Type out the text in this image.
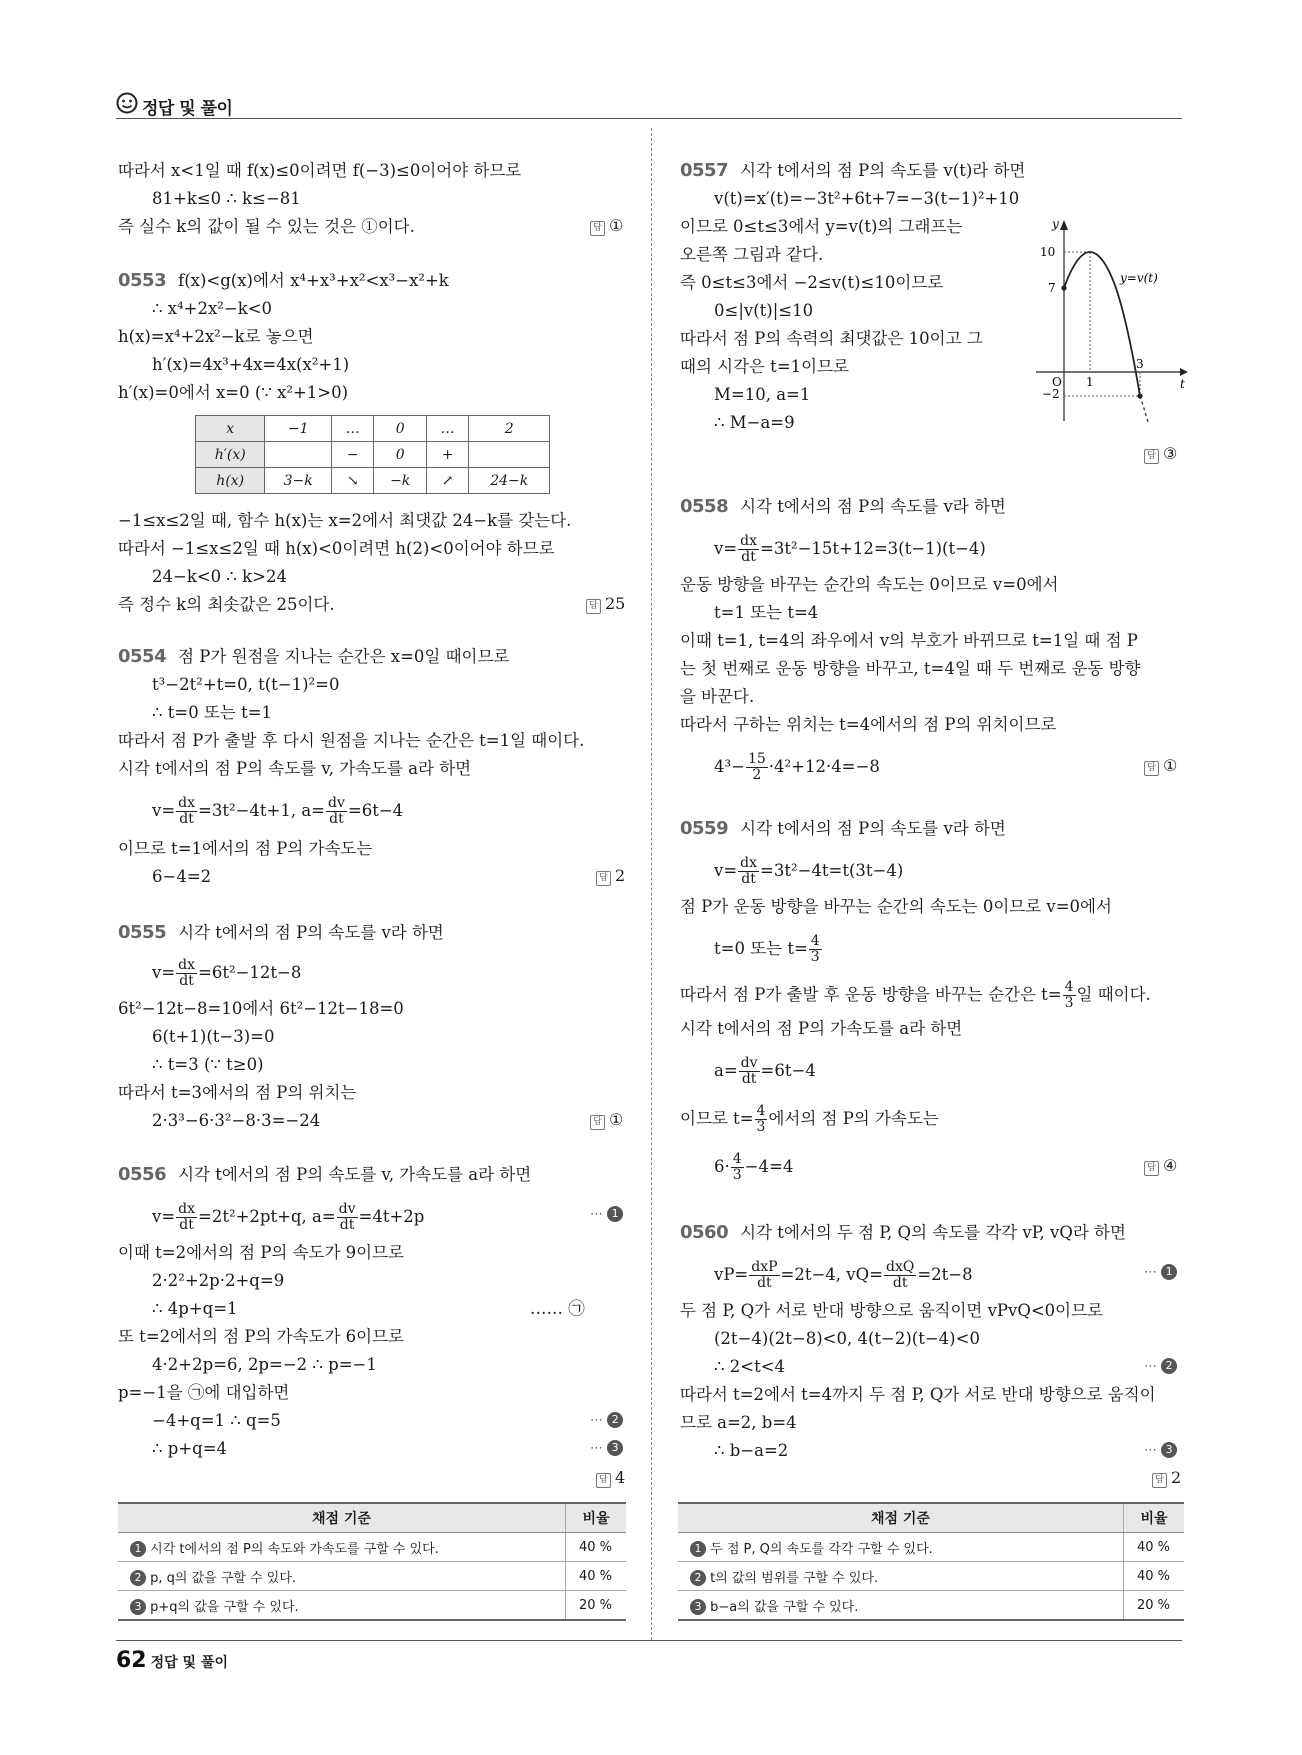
정답 및 풀이
따라서 x<1일 때 f(x)≤0이려면 f(−3)≤0이어야 하므로
81+k≤0 ∴ k≤−81
즉 실수 k의 값이 될 수 있는 것은 ①이다.	답 ①
0553 f(x)<g(x)에서 x⁴+x³+x²<x³−x²+k
∴ x⁴+2x²−k<0
h(x)=x⁴+2x²−k로 놓으면
h′(x)=4x³+4x=4x(x²+1)
h′(x)=0에서 x=0 (∵ x²+1>0)
x	−1	…	0	…	2
h′(x)		−	0	+	
h(x)	3−k	↘	−k	↗	24−k
−1≤x≤2일 때, 함수 h(x)는 x=2에서 최댓값 24−k를 갖는다.
따라서 −1≤x≤2일 때 h(x)<0이려면 h(2)<0이어야 하므로
24−k<0 ∴ k>24
즉 정수 k의 최솟값은 25이다.	답 25
0554 점 P가 원점을 지나는 순간은 x=0일 때이므로
t³−2t²+t=0, t(t−1)²=0
∴ t=0 또는 t=1
따라서 점 P가 출발 후 다시 원점을 지나는 순간은 t=1일 때이다.
시각 t에서의 점 P의 속도를 v, 가속도를 a라 하면
$v= \frac{dx}{dt} =3t^2-4t+1$, $a= \frac{dv}{dt} =6t-4$
이므로 t=1에서의 점 P의 가속도는
6−4=2	답 2
0555 시각 t에서의 점 P의 속도를 v라 하면
$v= \frac{dx}{dt} =6t^2-12t-8$
6t²−12t−8=10에서 6t²−12t−18=0
6(t+1)(t−3)=0
∴ t=3 (∵ t≥0)
따라서 t=3에서의 점 P의 위치는
2·3³−6·3²−8·3=−24	답 ①
0556 시각 t에서의 점 P의 속도를 v, 가속도를 a라 하면
$v= \frac{dx}{dt} =2t^2+2pt+q$, $a= \frac{dv}{dt} =4t+2p$	⋯ 1
이때 t=2에서의 점 P의 속도가 9이므로
2·2²+2p·2+q=9
∴ 4p+q=1	…… ㉠
또 t=2에서의 점 P의 가속도가 6이므로
4·2+2p=6, 2p=−2 ∴ p=−1
p=−1을 ㉠에 대입하면
−4+q=1 ∴ q=5	⋯ 2
∴ p+q=4	⋯ 3
답 4
채점 기준	비율
1 시각 t에서의 점 P의 속도와 가속도를 구할 수 있다.	40 %
2 p, q의 값을 구할 수 있다.	40 %
3 p+q의 값을 구할 수 있다.	20 %
0557 시각 t에서의 점 P의 속도를 v(t)라 하면
v(t)=x′(t)=−3t²+6t+7=−3(t−1)²+10
이므로 0≤t≤3에서 y=v(t)의 그래프는
오른쪽 그림과 같다.
즉 0≤t≤3에서 −2≤v(t)≤10이므로
0≤|v(t)|≤10
따라서 점 P의 속력의 최댓값은 10이고 그
때의 시각은 t=1이므로
M=10, a=1
∴ M−a=9
답 ③
y
t
10
7
O
−2
1
3
y=v(t)
0558 시각 t에서의 점 P의 속도를 v라 하면
$v= \frac{dx}{dt} =3t^2-15t+12=3(t-1)(t-4)$
운동 방향을 바꾸는 순간의 속도는 0이므로 v=0에서
t=1 또는 t=4
이때 t=1, t=4의 좌우에서 v의 부호가 바뀌므로 t=1일 때 점 P
는 첫 번째로 운동 방향을 바꾸고, t=4일 때 두 번째로 운동 방향
을 바꾼다.
따라서 구하는 위치는 t=4에서의 점 P의 위치이므로
$4^3- \frac{15}{2} \cdot 4^2+12\cdot 4=-8$	답 ①
0559 시각 t에서의 점 P의 속도를 v라 하면
$v= \frac{dx}{dt} =3t^2-4t=t(3t-4)$
점 P가 운동 방향을 바꾸는 순간의 속도는 0이므로 v=0에서
t=0 또는 $t= \frac{4}{3}$
따라서 점 P가 출발 후 운동 방향을 바꾸는 순간은 $t= \frac{4}{3}$ 일 때이다.
시각 t에서의 점 P의 가속도를 a라 하면
$a= \frac{dv}{dt} =6t-4$
이므로 $t= \frac{4}{3}$ 에서의 점 P의 가속도는
$6\cdot \frac{4}{3} -4=4$	답 ④
0560 시각 t에서의 두 점 P, Q의 속도를 각각 vP, vQ라 하면
$vP= \frac{\text{dxP}}{dt} =2t-4$, $vQ= \frac{\text{dxQ}}{dt} =2t-8$	⋯ 1
두 점 P, Q가 서로 반대 방향으로 움직이면 vPvQ<0이므로
(2t−4)(2t−8)<0, 4(t−2)(t−4)<0
∴ 2<t<4	⋯ 2
따라서 t=2에서 t=4까지 두 점 P, Q가 서로 반대 방향으로 움직이
므로 a=2, b=4
∴ b−a=2	⋯ 3
답 2
채점 기준	비율
1 두 점 P, Q의 속도를 각각 구할 수 있다.	40 %
2 t의 값의 범위를 구할 수 있다.	40 %
3 b−a의 값을 구할 수 있다.	20 %
62 정답 및 풀이
